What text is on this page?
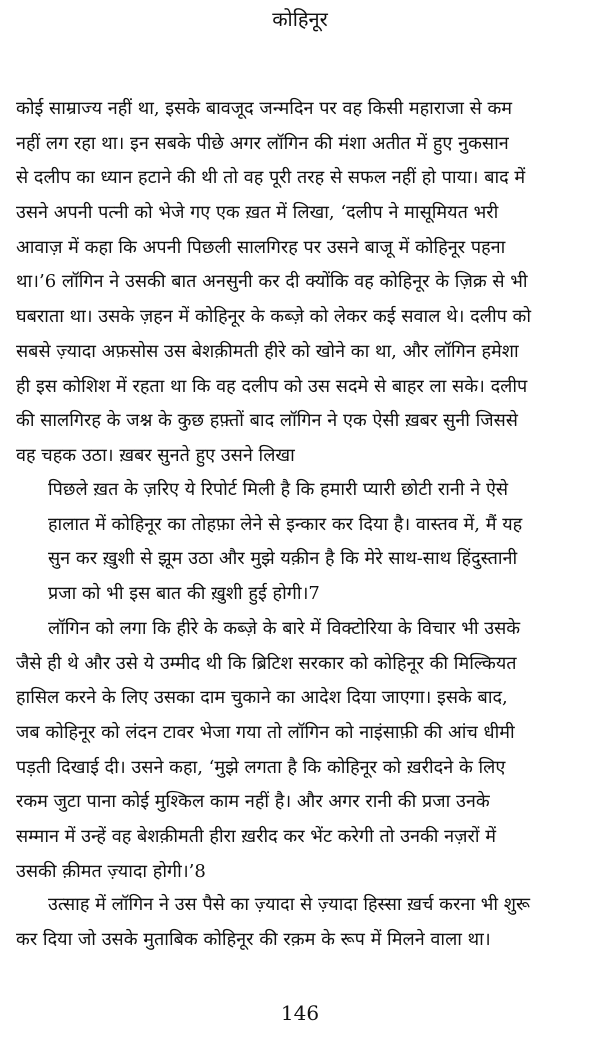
कोहिनूर
कोई साम्राज्य नहीं था, इसके बावजूद जन्मदिन पर वह किसी महाराजा से कम
नहीं लग रहा था। इन सबके पीछे अगर लॉगिन की मंशा अतीत में हुए नुकसान
से दलीप का ध्यान हटाने की थी तो वह पूरी तरह से सफल नहीं हो पाया। बाद में
उसने अपनी पत्नी को भेजे गए एक ख़त में लिखा, ‘दलीप ने मासूमियत भरी
आवाज़ में कहा कि अपनी पिछली सालगिरह पर उसने बाजू में कोहिनूर पहना
था।’6 लॉगिन ने उसकी बात अनसुनी कर दी क्योंकि वह कोहिनूर के ज़िक्र से भी
घबराता था। उसके ज़हन में कोहिनूर के कब्ज़े को लेकर कई सवाल थे। दलीप को
सबसे ज़्यादा अफ़सोस उस बेशक़ीमती हीरे को खोने का था, और लॉगिन हमेशा
ही इस कोशिश में रहता था कि वह दलीप को उस सदमे से बाहर ला सके। दलीप
की सालगिरह के जश्न के कुछ हफ़्तों बाद लॉगिन ने एक ऐसी ख़बर सुनी जिससे
वह चहक उठा। ख़बर सुनते हुए उसने लिखा
पिछले ख़त के ज़रिए ये रिपोर्ट मिली है कि हमारी प्यारी छोटी रानी ने ऐसे
हालात में कोहिनूर का तोहफ़ा लेने से इन्कार कर दिया है। वास्तव में, मैं यह
सुन कर ख़ुशी से झूम उठा और मुझे यक़ीन है कि मेरे साथ-साथ हिंदुस्तानी
प्रजा को भी इस बात की ख़ुशी हुई होगी।7
लॉगिन को लगा कि हीरे के कब्ज़े के बारे में विक्टोरिया के विचार भी उसके
जैसे ही थे और उसे ये उम्मीद थी कि ब्रिटिश सरकार को कोहिनूर की मिल्कियत
हासिल करने के लिए उसका दाम चुकाने का आदेश दिया जाएगा। इसके बाद,
जब कोहिनूर को लंदन टावर भेजा गया तो लॉगिन को नाइंसाफ़ी की आंच धीमी
पड़ती दिखाई दी। उसने कहा, ‘मुझे लगता है कि कोहिनूर को ख़रीदने के लिए
रकम जुटा पाना कोई मुश्किल काम नहीं है। और अगर रानी की प्रजा उनके
सम्मान में उन्हें वह बेशक़ीमती हीरा ख़रीद कर भेंट करेगी तो उनकी नज़रों में
उसकी क़ीमत ज़्यादा होगी।’8
उत्साह में लॉगिन ने उस पैसे का ज़्यादा से ज़्यादा हिस्सा ख़र्च करना भी शुरू
कर दिया जो उसके मुताबिक कोहिनूर की रक़म के रूप में मिलने वाला था।
146
